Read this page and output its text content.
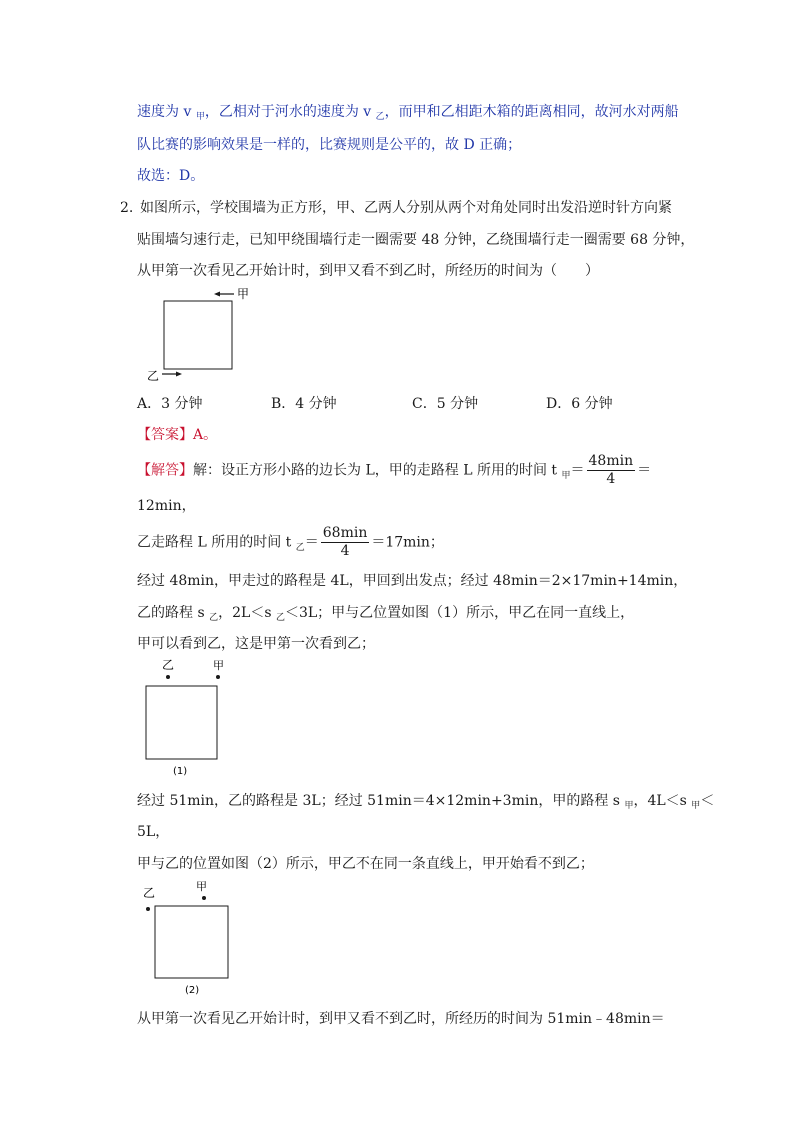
速度为 v $_甲$，乙相对于河水的速度为 v $_乙$，而甲和乙相距木箱的距离相同，故河水对两船
队比赛的影响效果是一样的，比赛规则是公平的，故 D 正确；
故选：D。
2. 如图所示，学校围墙为正方形，甲、乙两人分别从两个对角处同时出发沿逆时针方向紧
贴围墙匀速行走，已知甲绕围墙行走一圈需要 48 分钟，乙绕围墙行走一圈需要 68 分钟，
从甲第一次看见乙开始计时，到甲又看不到乙时，所经历的时间为（　　）
甲
乙
A．3 分钟	B．4 分钟	C．5 分钟	D．6 分钟
【答案】A。
【解答】解：设正方形小路的边长为 L，甲的走路程 L 所用的时间 t $_甲= \frac{48\min}{4}$ ＝
12min，
乙走路程 L 所用的时间 t $_乙= \frac{68\min}{4} =17\min$；
经过 48min，甲走过的路程是 4L，甲回到出发点；经过 48min＝2×17min+14min，
乙的路程 s $_乙$，2L＜s $_乙$＜3L；甲与乙位置如图（1）所示，甲乙在同一直线上，
甲可以看到乙，这是甲第一次看到乙；
乙	甲
(1)
经过 51min，乙的路程是 3L；经过 51min＝4×12min+3min，甲的路程 s $_甲$，4L＜s $_甲$＜
5L，
甲与乙的位置如图（2）所示，甲乙不在同一条直线上，甲开始看不到乙；
乙	甲
(2)
从甲第一次看见乙开始计时，到甲又看不到乙时，所经历的时间为 51min﹣48min＝
